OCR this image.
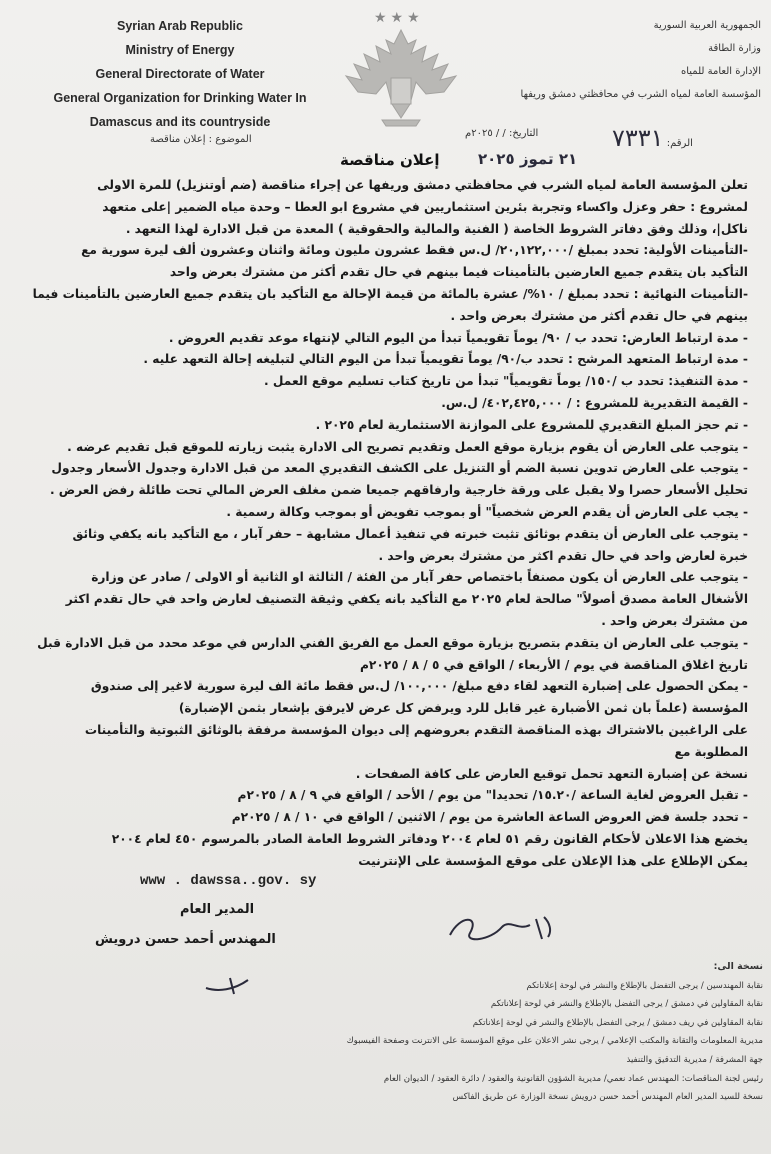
Syrian Arab Republic
Ministry of Energy
General Directorate of Water
General Organization for Drinking Water In
Damascus and its countryside
★★★	الجمهورية العربية السورية
وزارة الطاقة
الإدارة العامة للمياه
المؤسسة العامة لمياه الشرب في محافظتي دمشق وريفها
الموضوع : إعلان مناقصة	الرقم: ٧٣٣١
التاريخ: / / ٢٠٢٥م
٢١ تموز ٢٠٢٥
إعلان مناقصة

تعلن المؤسسة العامة لمياه الشرب في محافظتي دمشق وريفها عن إجراء مناقصة (ضم أوتنزيل) للمرة الاولى

لمشروع : حفر وعزل واكساء وتجربة بئرين استثماريين في مشروع ابو العطا – وحدة مياه الضمير |على متعهد

ناكل|، وذلك وفق دفاتر الشروط الخاصة ( الفنية والمالية والحقوقية ) المعدة من قبل الادارة لهذا التعهد .

-التأمينات الأولية: تحدد بمبلغ /٢٠,١٢٢,٠٠٠/ ل.س فقط عشرون مليون ومائة واثنان وعشرون ألف ليرة سورية مع

التأكيد بان يتقدم جميع العارضين بالتأمينات فيما بينهم في حال تقدم أكثر من مشترك بعرض واحد

-التأمينات النهائية : تحدد بمبلغ / ١٠%/ عشرة بالمائة من قيمة الإحالة مع التأكيد بان يتقدم جميع العارضين بالتأمينات فيما

بينهم في حال تقدم أكثر من مشترك بعرض واحد .

- مدة ارتباط العارض: تحدد ب / ٩٠/ يوماً تقويمياً تبدأ من اليوم التالي لإنتهاء موعد تقديم العروض .

- مدة ارتباط المتعهد المرشح : تحدد ب/٩٠/ يوماً تقويمياً تبدأ من اليوم التالي لتبليغه إحالة التعهد عليه .

- مدة التنفيذ: تحدد ب /١٥٠/ يوماً تقويمياً" تبدأ من تاريخ كتاب تسليم موقع العمل .

- القيمة التقديرية للمشروع : / ٤٠٢,٤٢٥,٠٠٠/ ل.س.

- تم حجز المبلغ التقديري للمشروع على الموازنة الاستثمارية لعام ٢٠٢٥ .

- يتوجب على العارض أن يقوم بزيارة موقع العمل وتقديم تصريح الى الادارة يثبت زيارته للموقع قبل تقديم عرضه .

- يتوجب على العارض تدوين نسبة الضم أو التنزيل على الكشف التقديري المعد من قبل الادارة وجدول الأسعار وجدول

تحليل الأسعار حصرا ولا يقبل على ورقة خارجية وارفاقهم جميعا ضمن مغلف العرض المالي تحت طائلة رفض العرض .

- يجب على العارض أن يقدم العرض شخصياً" أو بموجب تفويض أو بموجب وكالة رسمية .

- يتوجب على العارض أن يتقدم بوثائق تثبت خبرته في تنفيذ أعمال مشابهة – حفر آبار ، مع التأكيد بانه يكفي وثائق

خبرة لعارض واحد في حال تقدم اكثر من مشترك بعرض واحد .

- يتوجب على العارض أن يكون مصنفاً باختصاص حفر آبار من الفئة / الثالثة او الثانية أو الاولى / صادر عن وزارة

الأشغال العامة مصدق أصولاً" صالحة لعام ٢٠٢٥ مع التأكيد بانه يكفي وثيقة التصنيف لعارض واحد في حال تقدم اكثر

من مشترك بعرض واحد .

- يتوجب على العارض ان يتقدم بتصريح بزيارة موقع العمل مع الفريق الفني الدارس في موعد محدد من قبل الادارة قبل

تاريخ اغلاق المناقصة في يوم / الأربعاء / الواقع في ٥ / ٨ / ٢٠٢٥م

- يمكن الحصول على إضبارة التعهد لقاء دفع مبلغ/ ١٠٠,٠٠٠/ ل.س فقط مائة الف ليرة سورية لاغير إلى صندوق

المؤسسة (علماً بان ثمن الأضبارة غير قابل للرد ويرفض كل عرض لايرفق بإشعار بثمن الإضبارة)

على الراغبين بالاشتراك بهذه المناقصة التقدم بعروضهم إلى ديوان المؤسسة مرفقة بالوثائق الثبوتية والتأمينات المطلوبة مع

نسخة عن إضبارة التعهد تحمل توقيع العارض على كافة الصفحات .

- تقبل العروض لغاية الساعة /١٥.٢٠/ تحديدا" من يوم / الأحد / الواقع في ٩ / ٨ / ٢٠٢٥م

- تحدد جلسة فض العروض الساعة العاشرة من يوم / الاثنين / الواقع في ١٠ / ٨ / ٢٠٢٥م

يخضع هذا الاعلان لأحكام القانون رقم ٥١ لعام ٢٠٠٤ ودفاتر الشروط العامة الصادر بالمرسوم ٤٥٠ لعام ٢٠٠٤

يمكن الإطلاع على هذا الإعلان على موقع المؤسسة على الإنترنيت

www . dawssa..gov. sy
المدير العام
المهندس أحمد حسن درويش
نسخة الى:
نقابة المهندسين / يرجى التفضل بالإطلاع والنشر في لوحة إعلاناتكم
نقابة المقاولين في دمشق / يرجى التفضل بالإطلاع والنشر في لوحة إعلاناتكم
نقابة المقاولين في ريف دمشق / يرجى التفضل بالإطلاع والنشر في لوحة إعلاناتكم
مديرية المعلومات والتقانة والمكتب الإعلامي / يرجى نشر الاعلان على موقع المؤسسة على الانترنت وصفحة الفيسبوك
جهة المشرفة / مديرية التدقيق والتنفيذ
رئيس لجنة المناقصات: المهندس عماد نعمي/ مديرية الشؤون القانونية والعقود / دائرة العقود / الديوان العام
نسخة للسيد المدير العام المهندس أحمد حسن درويش نسخة الوزارة عن طريق الفاكس
